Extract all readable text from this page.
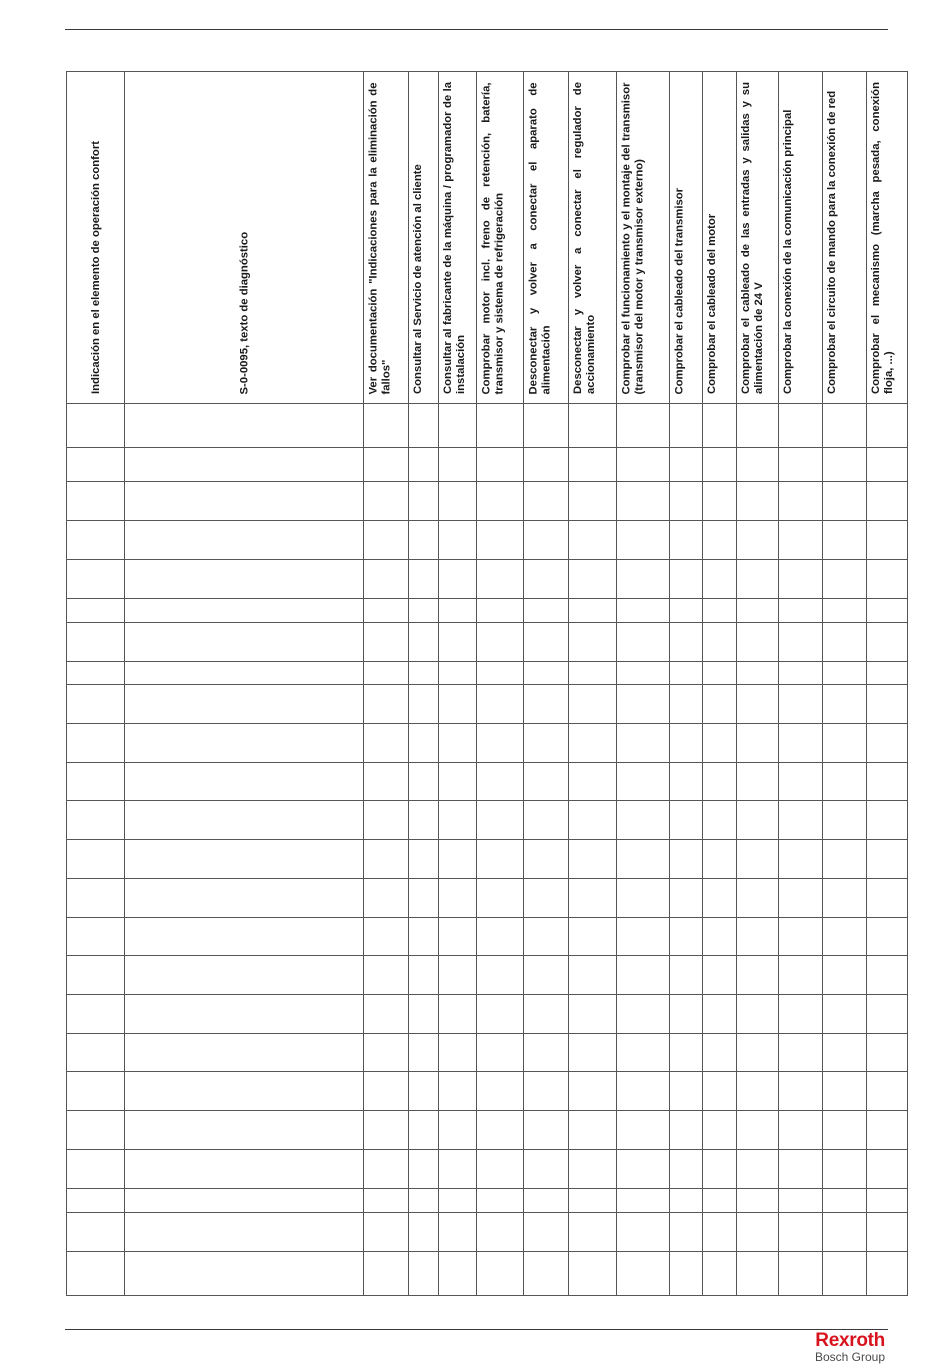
Indicación en el elemento de operación confort	S-0-0095, texto de diagnóstico	Ver documentación "Indicaciones para la eliminación de fallos"	Consultar al Servicio de atención al cliente	Consultar al fabricante de la máquina / programador de la instalación	Comprobar motor incl. freno de retención, batería, transmisor y sistema de refrigeración	Desconectar y volver a conectar el aparato de alimentación	Desconectar y volver a conectar el regulador de accionamiento	Comprobar el funcionamiento y el montaje del transmisor (transmisor del motor y transmisor externo)	Comprobar el cableado del transmisor	Comprobar el cableado del motor	Comprobar el cableado de las entradas y salidas y su alimentación de 24 V	Comprobar la conexión de la comunicación principal	Comprobar el circuito de mando para la conexión de red	Comprobar el mecanismo (marcha pesada, conexión floja, ...)
Rexroth
Bosch Group
